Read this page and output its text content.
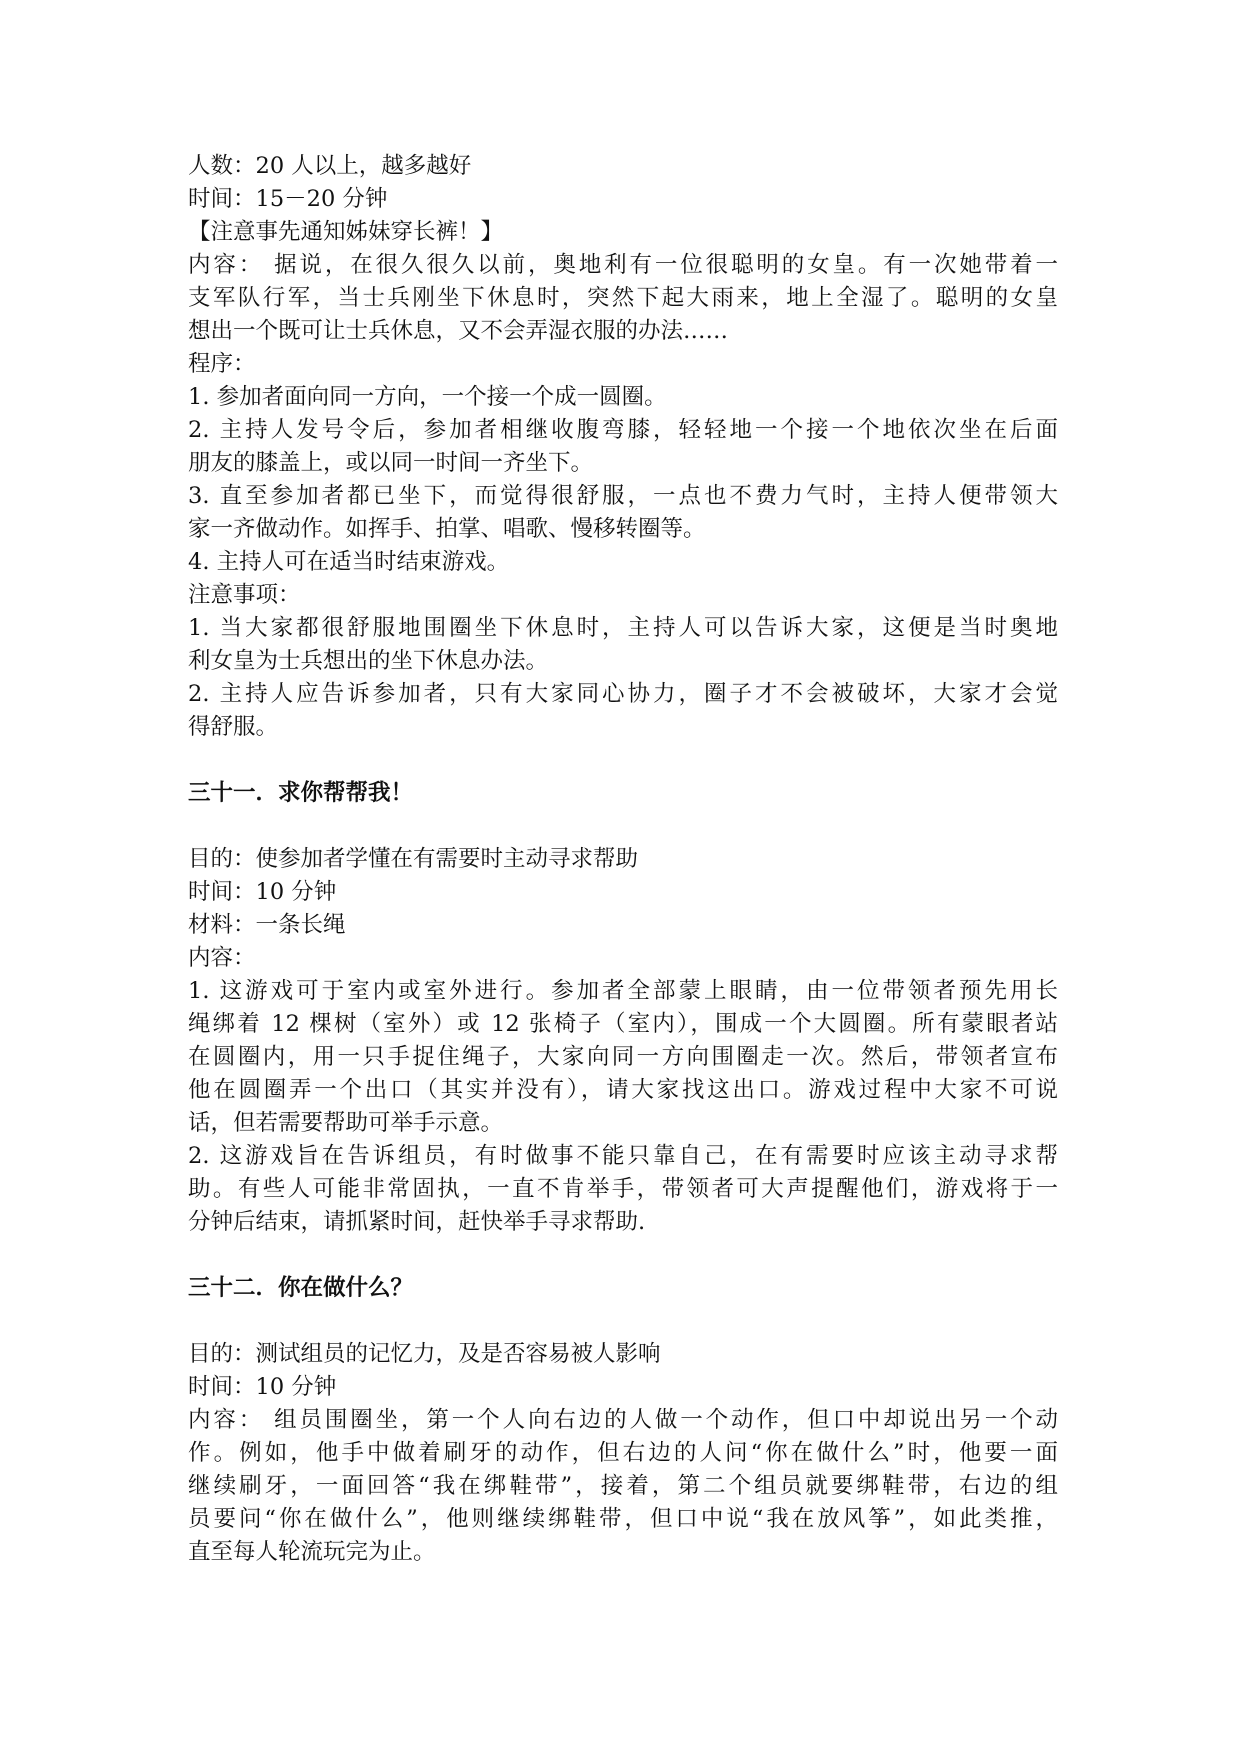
人数：20 人以上，越多越好
时间：15－20 分钟
【注意事先通知姊妹穿长裤！】
内容： 据说，在很久很久以前，奥地利有一位很聪明的女皇。有一次她带着一
支军队行军，当士兵刚坐下休息时，突然下起大雨来，地上全湿了。聪明的女皇
想出一个既可让士兵休息，又不会弄湿衣服的办法……
程序：
1. 参加者面向同一方向，一个接一个成一圆圈。
2. 主持人发号令后，参加者相继收腹弯膝，轻轻地一个接一个地依次坐在后面
朋友的膝盖上，或以同一时间一齐坐下。
3. 直至参加者都已坐下，而觉得很舒服，一点也不费力气时，主持人便带领大
家一齐做动作。如挥手、拍掌、唱歌、慢移转圈等。
4. 主持人可在适当时结束游戏。
注意事项：
1. 当大家都很舒服地围圈坐下休息时，主持人可以告诉大家，这便是当时奥地
利女皇为士兵想出的坐下休息办法。
2. 主持人应告诉参加者，只有大家同心协力，圈子才不会被破坏，大家才会觉
得舒服。
三十一．求你帮帮我！
目的：使参加者学懂在有需要时主动寻求帮助
时间：10 分钟
材料：一条长绳
内容：
1. 这游戏可于室内或室外进行。参加者全部蒙上眼睛，由一位带领者预先用长
绳绑着 12 棵树（室外）或 12 张椅子（室内），围成一个大圆圈。所有蒙眼者站
在圆圈内，用一只手捉住绳子，大家向同一方向围圈走一次。然后，带领者宣布
他在圆圈弄一个出口（其实并没有），请大家找这出口。游戏过程中大家不可说
话，但若需要帮助可举手示意。
2. 这游戏旨在告诉组员，有时做事不能只靠自己，在有需要时应该主动寻求帮
助。有些人可能非常固执，一直不肯举手，带领者可大声提醒他们，游戏将于一
分钟后结束，请抓紧时间，赶快举手寻求帮助.
三十二．你在做什么？
目的：测试组员的记忆力，及是否容易被人影响
时间：10 分钟
内容： 组员围圈坐，第一个人向右边的人做一个动作，但口中却说出另一个动
作。例如，他手中做着刷牙的动作，但右边的人问“你在做什么”时，他要一面
继续刷牙，一面回答“我在绑鞋带”，接着，第二个组员就要绑鞋带，右边的组
员要问“你在做什么”，他则继续绑鞋带，但口中说“我在放风筝”，如此类推，
直至每人轮流玩完为止。
